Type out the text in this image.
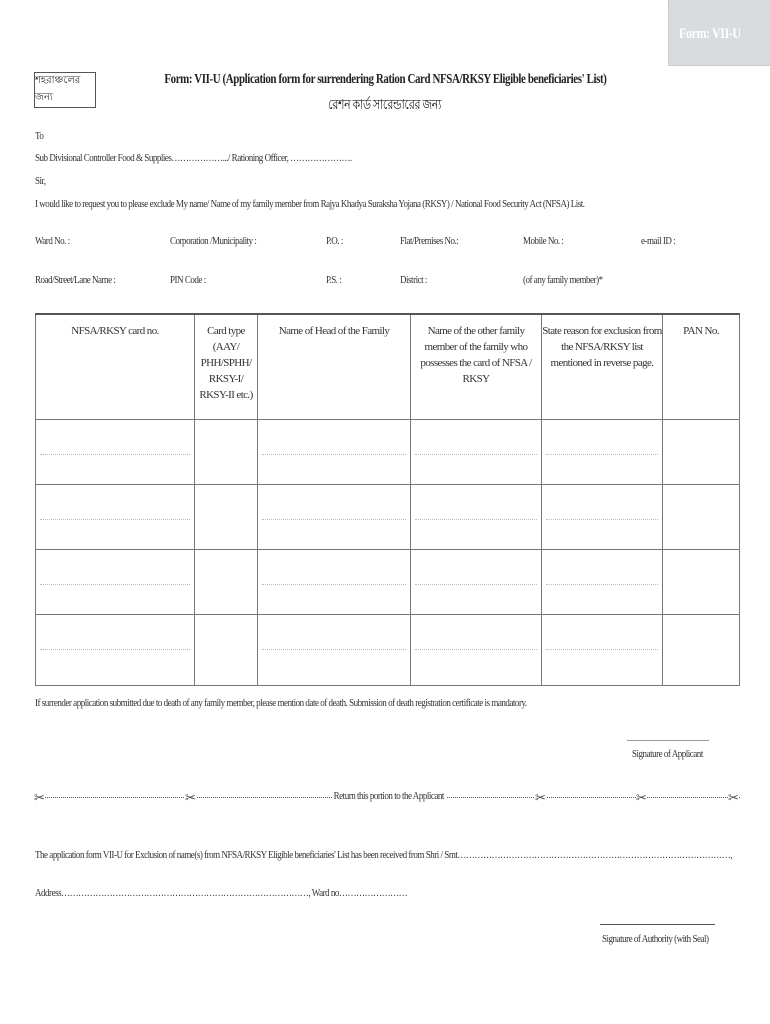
Form: VII-U
শহরাঞ্চলের জন্য
Form: VII-U (Application form for surrendering Ration Card NFSA/RKSY Eligible beneficiaries' List)
রেশন কার্ড সারেন্ডারের জন্য
To
Sub Divisional Controller Food & Supplies……………….../ Rationing Officer, ………………….
Sir,
I would like to request you to please exclude My name/ Name of my family member from Rajya Khadya Suraksha Yojana (RKSY) / National Food Security Act (NFSA) List.
Ward No. :	Corporation /Municipality :	P.O. :	Flat/Premises No.:	Mobile No. :	e-mail ID :
Road/Street/Lane Name :	PIN Code :	P.S. :	District :	(of any family member)*
NFSA/RKSY card no.	Card type (AAY/ PHH/SPHH/ RKSY-I/ RKSY-II etc.)	Name of Head of the Family	Name of the other family member of the family who possesses the card of NFSA / RKSY	State reason for exclusion from the NFSA/RKSY list mentioned in reverse page.	PAN No.

If surrender application submitted due to death of any family member, please mention date of death. Submission of death registration certificate is mandatory.
Signature of Applicant
✂	✂	✂	✂	✂
Return this portion to the Applicant
The application form VII-U for Exclusion of name(s) from NFSA/RKSY Eligible beneficiaries' List has been received from Shri / Smt……………………………………………………………………………………,
Address……………………………………………………………………………, Ward no……………………
Signature of Authority (with Seal)
